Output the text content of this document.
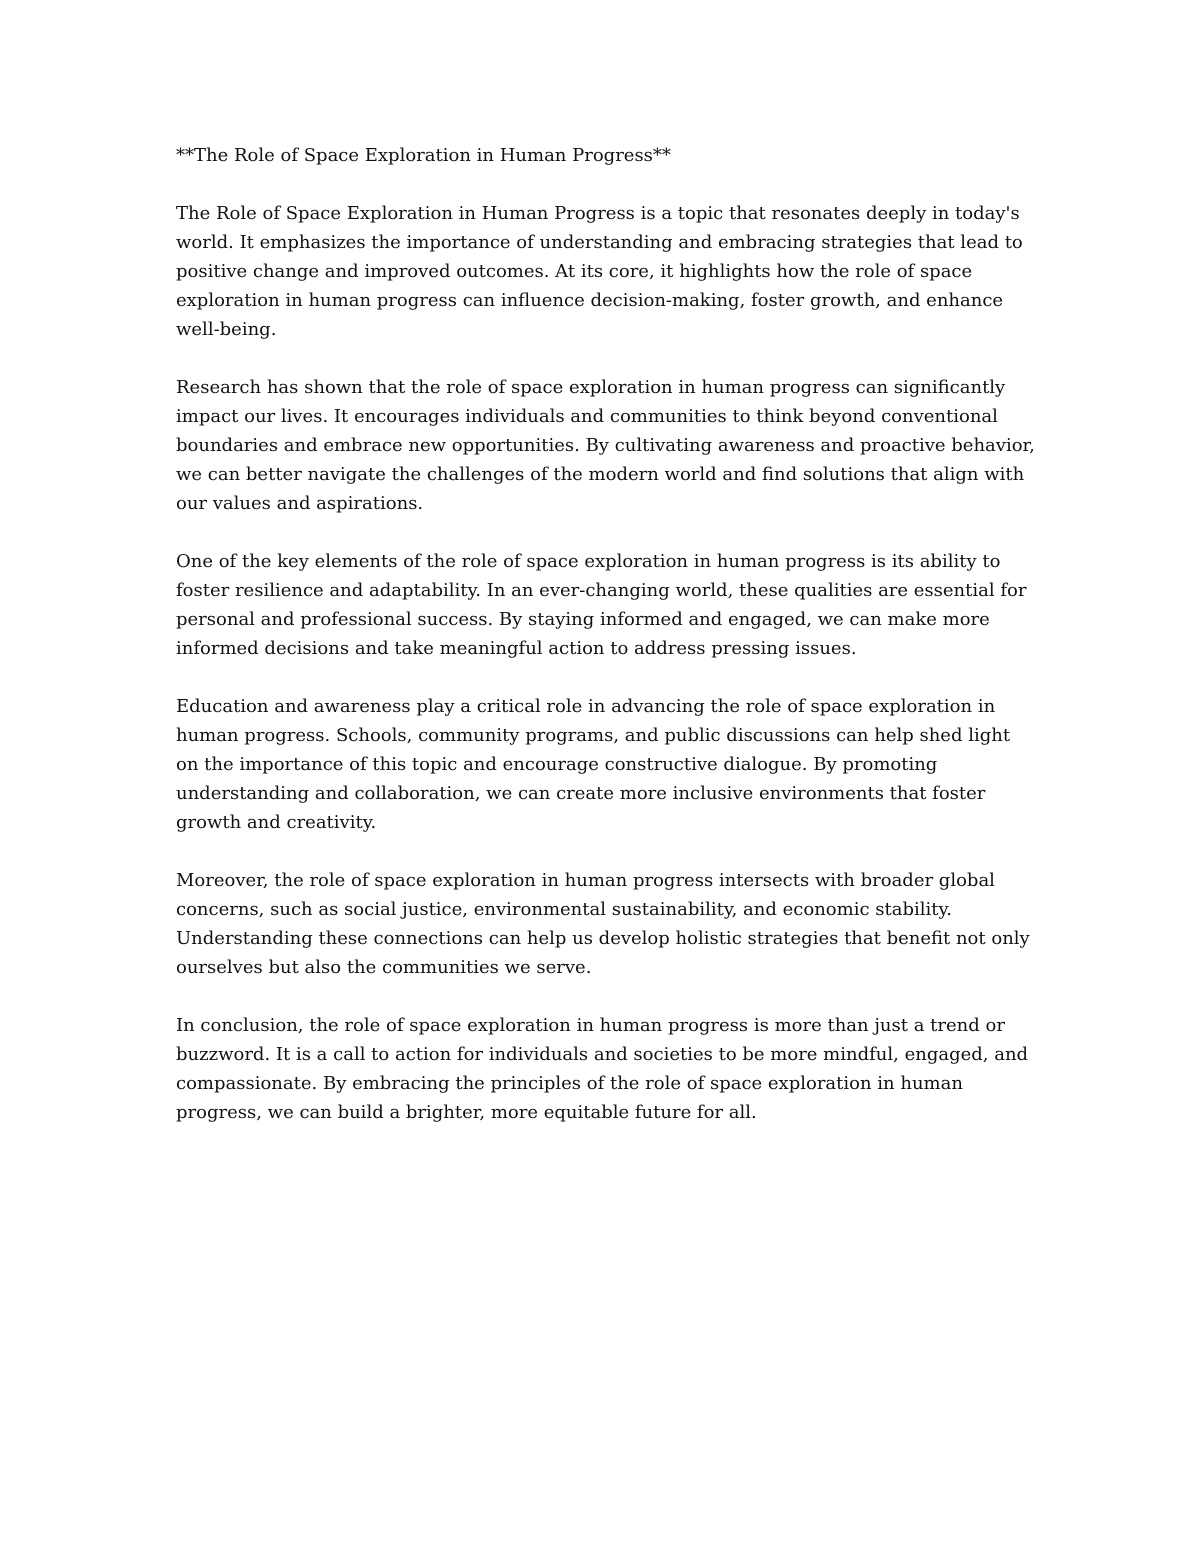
**The Role of Space Exploration in Human Progress**

The Role of Space Exploration in Human Progress is a topic that resonates deeply in today's world. It emphasizes the importance of understanding and embracing strategies that lead to positive change and improved outcomes. At its core, it highlights how the role of space exploration in human progress can influence decision-making, foster growth, and enhance well-being.

Research has shown that the role of space exploration in human progress can significantly impact our lives. It encourages individuals and communities to think beyond conventional boundaries and embrace new opportunities. By cultivating awareness and proactive behavior, we can better navigate the challenges of the modern world and find solutions that align with our values and aspirations.

One of the key elements of the role of space exploration in human progress is its ability to foster resilience and adaptability. In an ever-changing world, these qualities are essential for personal and professional success. By staying informed and engaged, we can make more informed decisions and take meaningful action to address pressing issues.

Education and awareness play a critical role in advancing the role of space exploration in human progress. Schools, community programs, and public discussions can help shed light on the importance of this topic and encourage constructive dialogue. By promoting understanding and collaboration, we can create more inclusive environments that foster growth and creativity.

Moreover, the role of space exploration in human progress intersects with broader global concerns, such as social justice, environmental sustainability, and economic stability. Understanding these connections can help us develop holistic strategies that benefit not only ourselves but also the communities we serve.

In conclusion, the role of space exploration in human progress is more than just a trend or buzzword. It is a call to action for individuals and societies to be more mindful, engaged, and compassionate. By embracing the principles of the role of space exploration in human progress, we can build a brighter, more equitable future for all.
